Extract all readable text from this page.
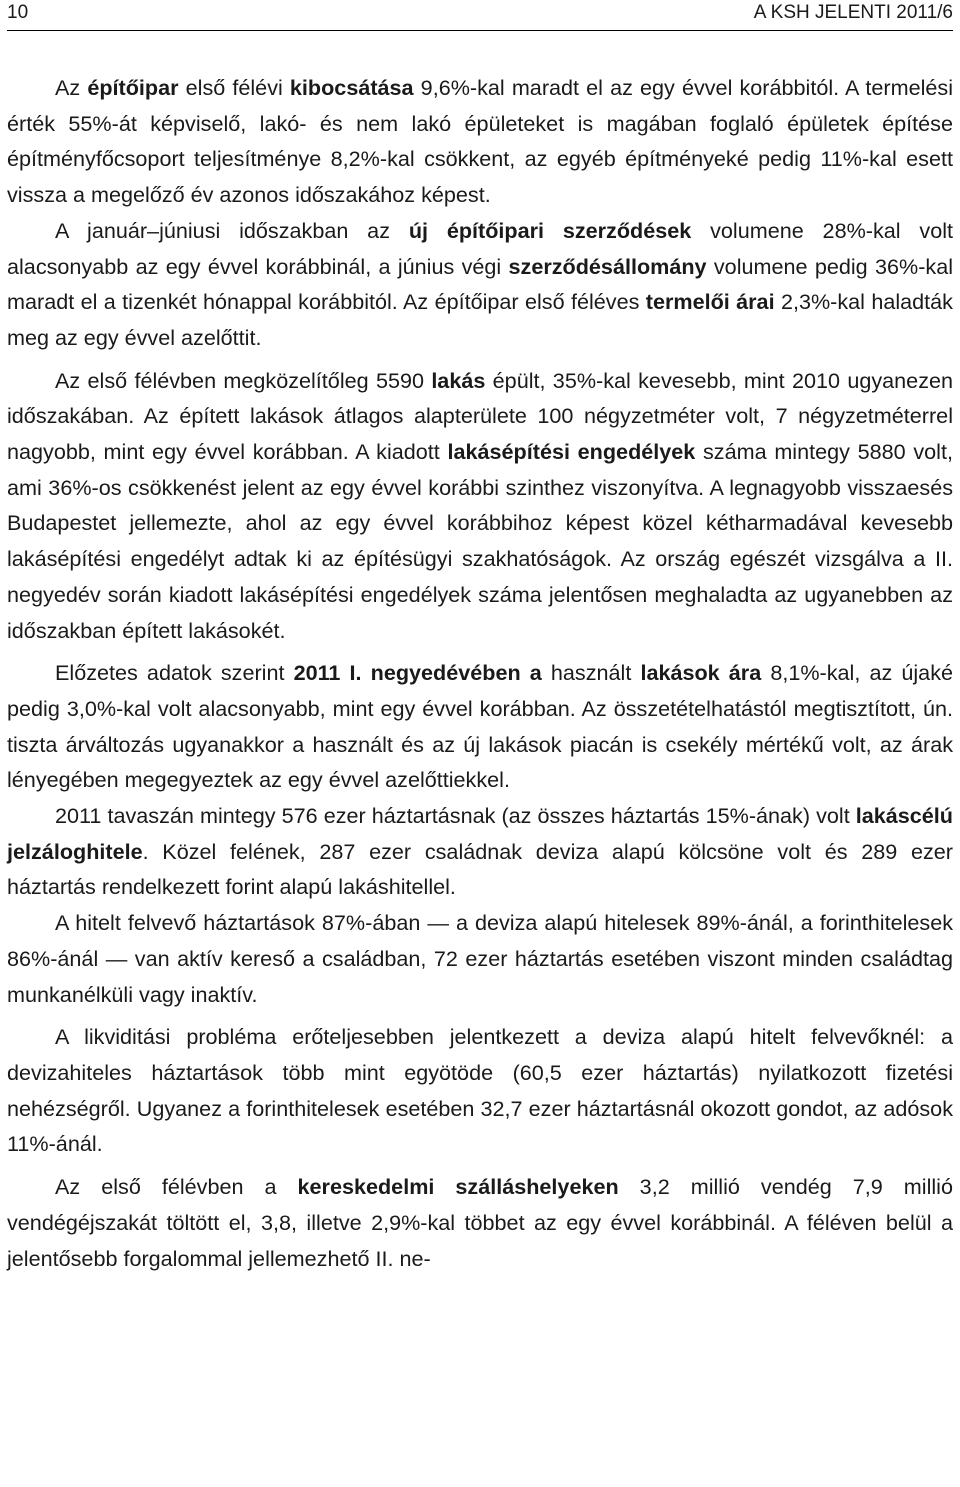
10	A KSH JELENTI 2011/6

Az építőipar első félévi kibocsátása 9,6%-kal maradt el az egy évvel korábbitól. A termelési érték 55%-át képviselő, lakó- és nem lakó épületeket is magában foglaló épületek építése építményfőcsoport teljesítménye 8,2%-kal csökkent, az egyéb építményeké pedig 11%-kal esett vissza a megelőző év azonos időszakához képest.

A január–júniusi időszakban az új építőipari szerződések volumene 28%-kal volt alacsonyabb az egy évvel korábbinál, a június végi szerződésállomány volumene pedig 36%-kal maradt el a tizenkét hónappal korábbitól. Az építőipar első féléves termelői árai 2,3%-kal haladták meg az egy évvel azelőttit.

Az első félévben megközelítőleg 5590 lakás épült, 35%-kal kevesebb, mint 2010 ugyanezen időszakában. Az épített lakások átlagos alapterülete 100 négyzetméter volt, 7 négyzetméterrel nagyobb, mint egy évvel korábban. A kiadott lakásépítési engedélyek száma mintegy 5880 volt, ami 36%-os csökkenést jelent az egy évvel korábbi szinthez viszonyítva. A legnagyobb visszaesés Budapestet jellemezte, ahol az egy évvel korábbihoz képest közel kétharmadával kevesebb lakásépítési engedélyt adtak ki az építésügyi szakhatóságok. Az ország egészét vizsgálva a II. negyedév során kiadott lakásépítési engedélyek száma jelentősen meghaladta az ugyanebben az időszakban épített lakásokét.

Előzetes adatok szerint 2011 I. negyedévében a használt lakások ára 8,1%-kal, az újaké pedig 3,0%-kal volt alacsonyabb, mint egy évvel korábban. Az összetételhatástól megtisztított, ún. tiszta árváltozás ugyanakkor a használt és az új lakások piacán is csekély mértékű volt, az árak lényegében megegyeztek az egy évvel azelőttiekkel.

2011 tavaszán mintegy 576 ezer háztartásnak (az összes háztartás 15%-ának) volt lakáscélú jelzáloghitele. Közel felének, 287 ezer családnak deviza alapú kölcsöne volt és 289 ezer háztartás rendelkezett forint alapú lakáshitellel.

A hitelt felvevő háztartások 87%-ában — a deviza alapú hitelesek 89%-ánál, a forinthitelesek 86%-ánál — van aktív kereső a családban, 72 ezer háztartás esetében viszont minden családtag munkanélküli vagy inaktív.

A likviditási probléma erőteljesebben jelentkezett a deviza alapú hitelt felvevőknél: a devizahiteles háztartások több mint egyötöde (60,5 ezer háztartás) nyilatkozott fizetési nehézségről. Ugyanez a forinthitelesek esetében 32,7 ezer háztartásnál okozott gondot, az adósok 11%-ánál.

Az első félévben a kereskedelmi szálláshelyeken 3,2 millió vendég 7,9 millió vendégéjszakát töltött el, 3,8, illetve 2,9%-kal többet az egy évvel korábbinál. A féléven belül a jelentősebb forgalommal jellemezhető II. ne-
